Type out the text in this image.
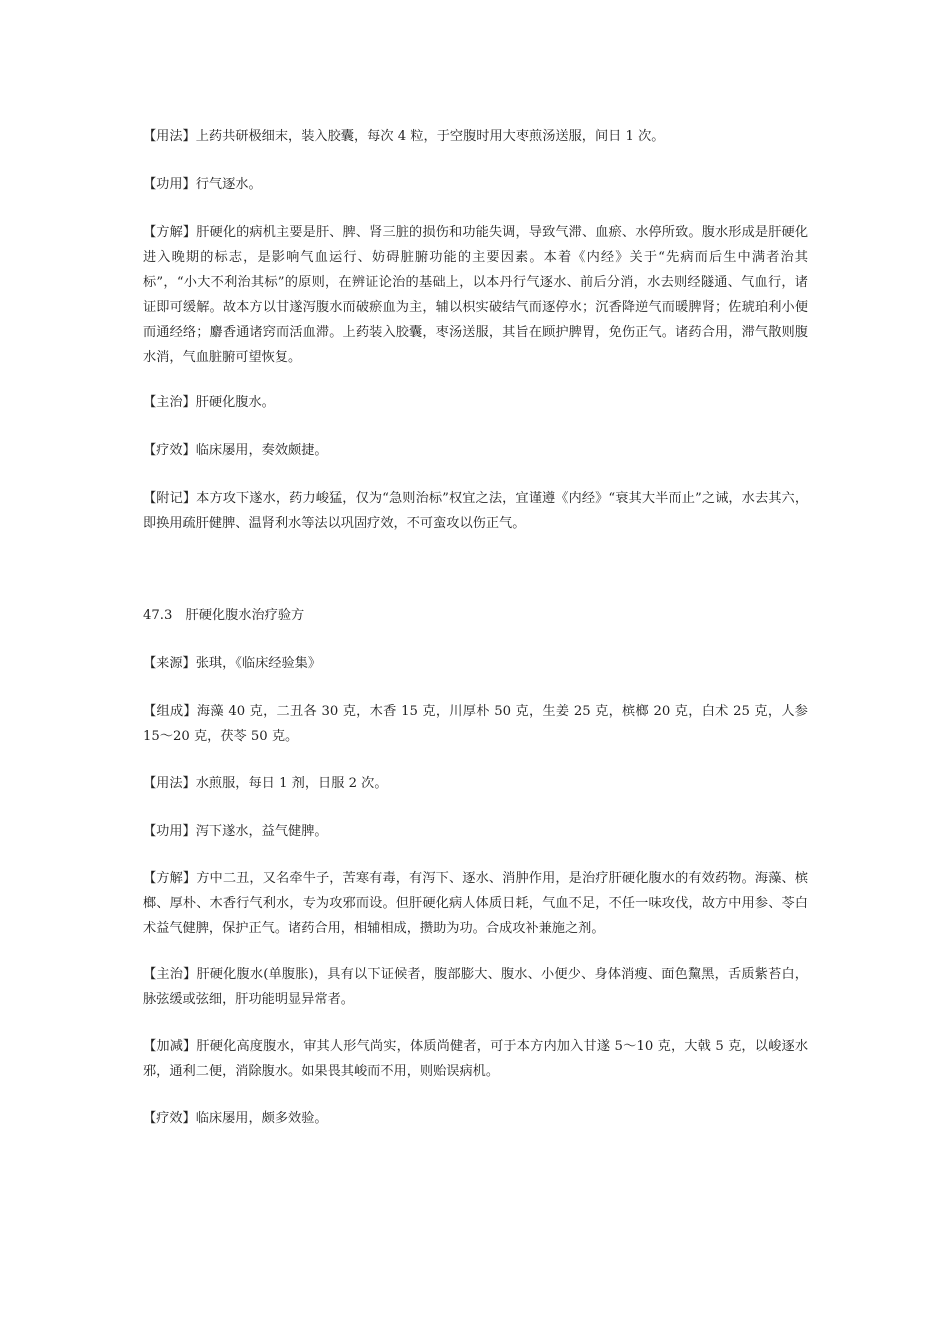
【用法】上药共研极细末，装入胶囊，每次 4 粒，于空腹时用大枣煎汤送服，间日 1 次。

【功用】行气逐水。

【方解】肝硬化的病机主要是肝、脾、肾三脏的损伤和功能失调，导致气滞、血瘀、水停所致。腹水形成是肝硬化进入晚期的标志，是影响气血运行、妨碍脏腑功能的主要因素。本着《内经》关于“先病而后生中满者治其标”，“小大不利治其标”的原则，在辨证论治的基础上，以本丹行气逐水、前后分消，水去则经隧通、气血行，诸证即可缓解。故本方以甘遂泻腹水而破瘀血为主，辅以枳实破结气而逐停水；沉香降逆气而暖脾肾；佐琥珀利小便而通经络；麝香通诸窍而活血滞。上药装入胶囊，枣汤送服，其旨在顾护脾胃，免伤正气。诸药合用，滞气散则腹水消，气血脏腑可望恢复。

【主治】肝硬化腹水。

【疗效】临床屡用，奏效颇捷。

【附记】本方攻下遂水，药力峻猛，仅为“急则治标”权宜之法，宜谨遵《内经》“衰其大半而止”之诫，水去其六，即换用疏肝健脾、温肾利水等法以巩固疗效，不可蛮攻以伤正气。

47.3　肝硬化腹水治疗验方

【来源】张琪，《临床经验集》

【组成】海藻 40 克，二丑各 30 克，木香 15 克，川厚朴 50 克，生姜 25 克，槟榔 20 克，白术 25 克，人参 15～20 克，茯苓 50 克。

【用法】水煎服，每日 1 剂，日服 2 次。

【功用】泻下遂水，益气健脾。

【方解】方中二丑，又名牵牛子，苦寒有毒，有泻下、逐水、消肿作用，是治疗肝硬化腹水的有效药物。海藻、槟榔、厚朴、木香行气利水，专为攻邪而设。但肝硬化病人体质日耗，气血不足，不任一味攻伐，故方中用参、苓白术益气健脾，保护正气。诸药合用，相辅相成，攒助为功。合成攻补兼施之剂。

【主治】肝硬化腹水(单腹胀)，具有以下证候者，腹部膨大、腹水、小便少、身体消瘦、面色黧黑，舌质紫苔白，脉弦缓或弦细，肝功能明显异常者。

【加减】肝硬化高度腹水，审其人形气尚实，体质尚健者，可于本方内加入甘遂 5～10 克，大戟 5 克，以峻逐水邪，通利二便，消除腹水。如果畏其峻而不用，则贻误病机。

【疗效】临床屡用，颇多效验。
